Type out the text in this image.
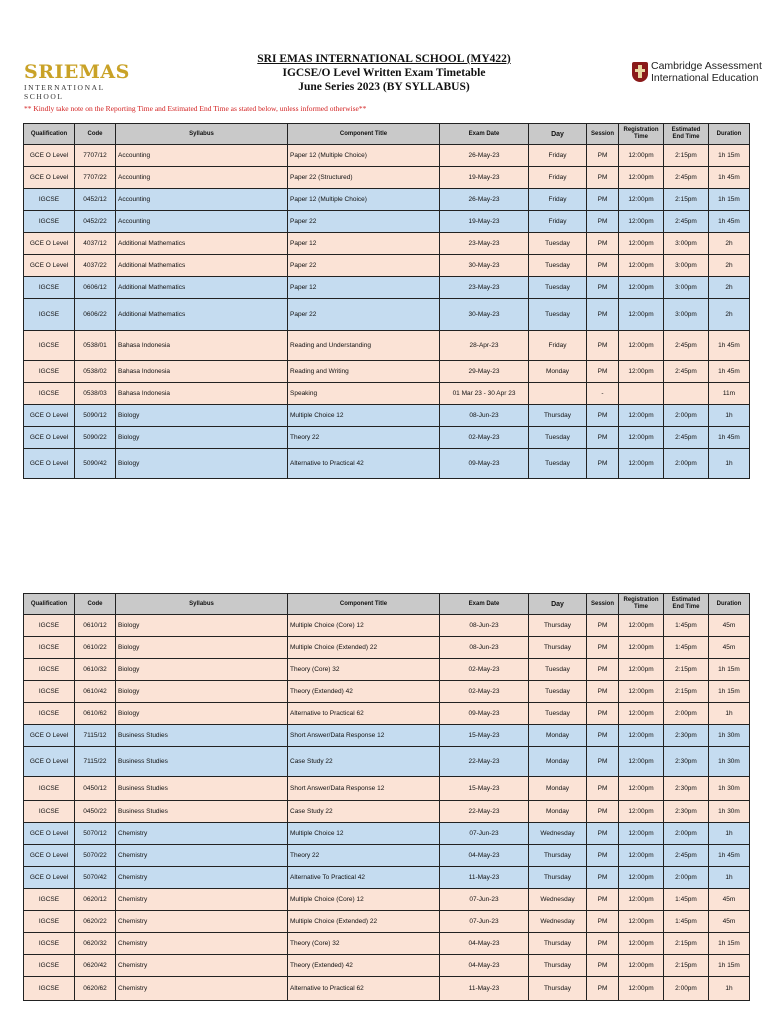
SRIEMAS
INTERNATIONAL SCHOOL
SRI EMAS INTERNATIONAL SCHOOL (MY422)
IGCSE/O Level Written Exam Timetable
June Series 2023 (BY SYLLABUS)
Cambridge Assessment
International Education
** Kindly take note on the Reporting Time and Estimated End Time as stated below, unless informed otherwise**
Qualification	Code	Syllabus	Component Title	Exam Date	Day	Session	Registration Time	Estimated End Time	Duration
GCE O Level	7707/12	Accounting	Paper 12 (Multiple Choice)	26-May-23	Friday	PM	12:00pm	2:15pm	1h 15m
GCE O Level	7707/22	Accounting	Paper 22 (Structured)	19-May-23	Friday	PM	12:00pm	2:45pm	1h 45m
IGCSE	0452/12	Accounting	Paper 12 (Multiple Choice)	26-May-23	Friday	PM	12:00pm	2:15pm	1h 15m
IGCSE	0452/22	Accounting	Paper 22	19-May-23	Friday	PM	12:00pm	2:45pm	1h 45m
GCE O Level	4037/12	Additional Mathematics	Paper 12	23-May-23	Tuesday	PM	12:00pm	3:00pm	2h
GCE O Level	4037/22	Additional Mathematics	Paper 22	30-May-23	Tuesday	PM	12:00pm	3:00pm	2h
IGCSE	0606/12	Additional Mathematics	Paper 12	23-May-23	Tuesday	PM	12:00pm	3:00pm	2h
IGCSE	0606/22	Additional Mathematics	Paper 22	30-May-23	Tuesday	PM	12:00pm	3:00pm	2h
IGCSE	0538/01	Bahasa Indonesia	Reading and Understanding	28-Apr-23	Friday	PM	12:00pm	2:45pm	1h 45m
IGCSE	0538/02	Bahasa Indonesia	Reading and Writing	29-May-23	Monday	PM	12:00pm	2:45pm	1h 45m
IGCSE	0538/03	Bahasa Indonesia	Speaking	01 Mar 23 - 30 Apr 23		-			11m
GCE O Level	5090/12	Biology	Multiple Choice 12	08-Jun-23	Thursday	PM	12:00pm	2:00pm	1h
GCE O Level	5090/22	Biology	Theory 22	02-May-23	Tuesday	PM	12:00pm	2:45pm	1h 45m
GCE O Level	5090/42	Biology	Alternative to Practical 42	09-May-23	Tuesday	PM	12:00pm	2:00pm	1h
Qualification	Code	Syllabus	Component Title	Exam Date	Day	Session	Registration Time	Estimated End Time	Duration
IGCSE	0610/12	Biology	Multiple Choice (Core) 12	08-Jun-23	Thursday	PM	12:00pm	1:45pm	45m
IGCSE	0610/22	Biology	Multiple Choice (Extended) 22	08-Jun-23	Thursday	PM	12:00pm	1:45pm	45m
IGCSE	0610/32	Biology	Theory (Core) 32	02-May-23	Tuesday	PM	12:00pm	2:15pm	1h 15m
IGCSE	0610/42	Biology	Theory (Extended) 42	02-May-23	Tuesday	PM	12:00pm	2:15pm	1h 15m
IGCSE	0610/62	Biology	Alternative to Practical 62	09-May-23	Tuesday	PM	12:00pm	2:00pm	1h
GCE O Level	7115/12	Business Studies	Short Answer/Data Response 12	15-May-23	Monday	PM	12:00pm	2:30pm	1h 30m
GCE O Level	7115/22	Business Studies	Case Study 22	22-May-23	Monday	PM	12:00pm	2:30pm	1h 30m
IGCSE	0450/12	Business Studies	Short Answer/Data Response 12	15-May-23	Monday	PM	12:00pm	2:30pm	1h 30m
IGCSE	0450/22	Business Studies	Case Study 22	22-May-23	Monday	PM	12:00pm	2:30pm	1h 30m
GCE O Level	5070/12	Chemistry	Multiple Choice 12	07-Jun-23	Wednesday	PM	12:00pm	2:00pm	1h
GCE O Level	5070/22	Chemistry	Theory 22	04-May-23	Thursday	PM	12:00pm	2:45pm	1h 45m
GCE O Level	5070/42	Chemistry	Alternative To Practical 42	11-May-23	Thursday	PM	12:00pm	2:00pm	1h
IGCSE	0620/12	Chemistry	Multiple Choice (Core) 12	07-Jun-23	Wednesday	PM	12:00pm	1:45pm	45m
IGCSE	0620/22	Chemistry	Multiple Choice (Extended) 22	07-Jun-23	Wednesday	PM	12:00pm	1:45pm	45m
IGCSE	0620/32	Chemistry	Theory (Core) 32	04-May-23	Thursday	PM	12:00pm	2:15pm	1h 15m
IGCSE	0620/42	Chemistry	Theory (Extended) 42	04-May-23	Thursday	PM	12:00pm	2:15pm	1h 15m
IGCSE	0620/62	Chemistry	Alternative to Practical 62	11-May-23	Thursday	PM	12:00pm	2:00pm	1h
